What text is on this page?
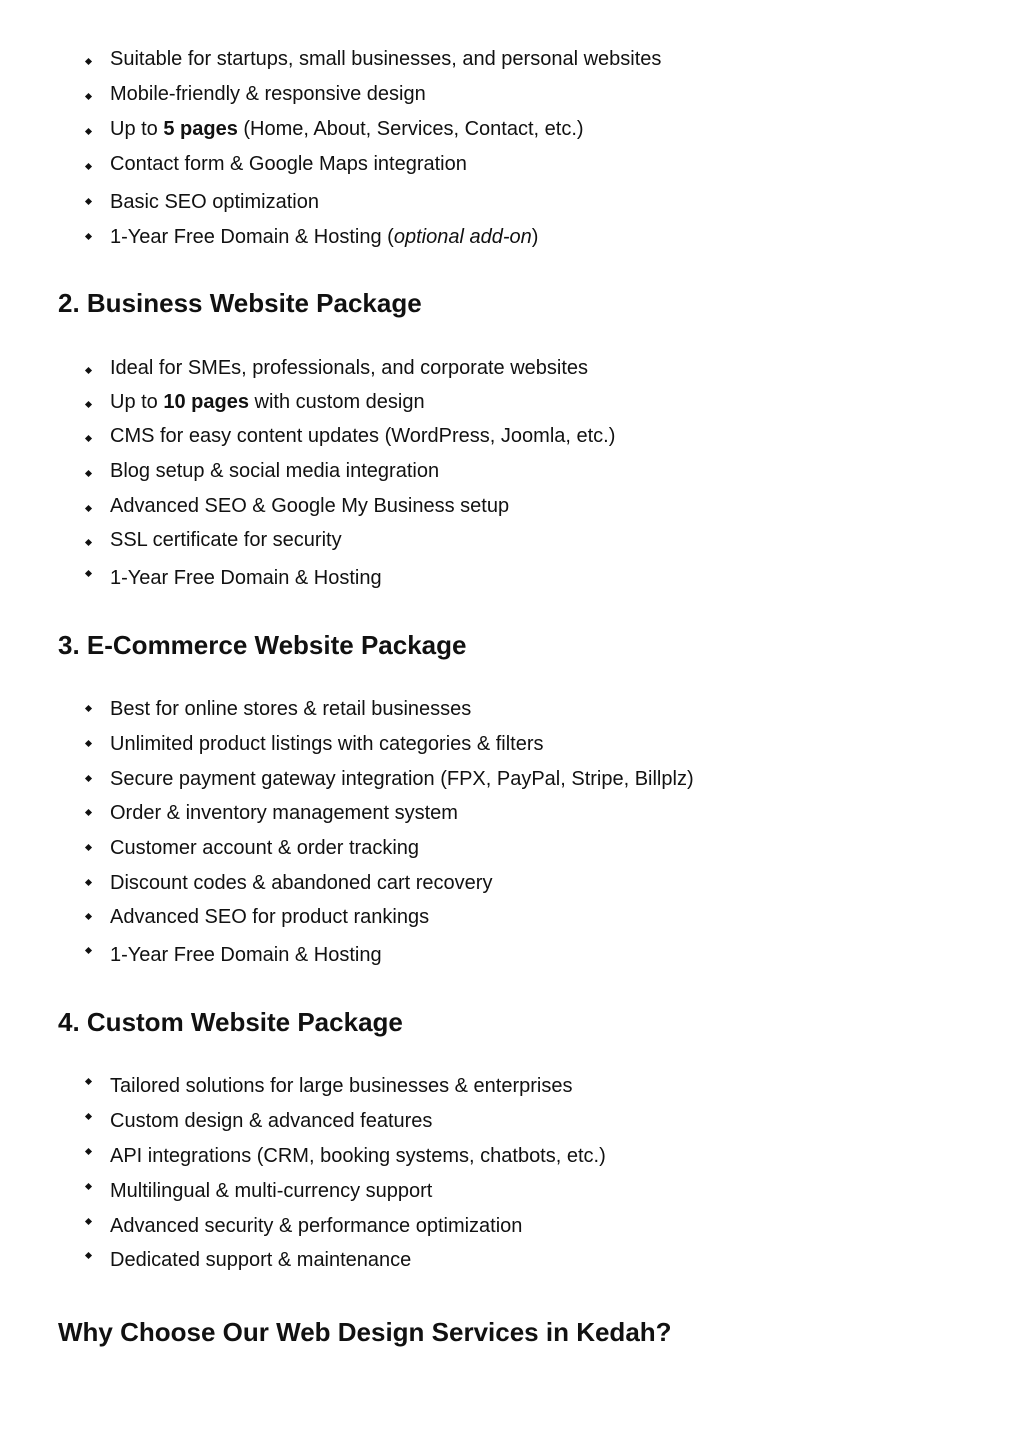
Suitable for startups, small businesses, and personal websites
Mobile-friendly & responsive design
Up to 5 pages (Home, About, Services, Contact, etc.)
Contact form & Google Maps integration
Basic SEO optimization
1-Year Free Domain & Hosting (optional add-on)
2. Business Website Package
Ideal for SMEs, professionals, and corporate websites
Up to 10 pages with custom design
CMS for easy content updates (WordPress, Joomla, etc.)
Blog setup & social media integration
Advanced SEO & Google My Business setup
SSL certificate for security
1-Year Free Domain & Hosting
3. E-Commerce Website Package
Best for online stores & retail businesses
Unlimited product listings with categories & filters
Secure payment gateway integration (FPX, PayPal, Stripe, Billplz)
Order & inventory management system
Customer account & order tracking
Discount codes & abandoned cart recovery
Advanced SEO for product rankings
1-Year Free Domain & Hosting
4. Custom Website Package
Tailored solutions for large businesses & enterprises
Custom design & advanced features
API integrations (CRM, booking systems, chatbots, etc.)
Multilingual & multi-currency support
Advanced security & performance optimization
Dedicated support & maintenance
Why Choose Our Web Design Services in Kedah?
